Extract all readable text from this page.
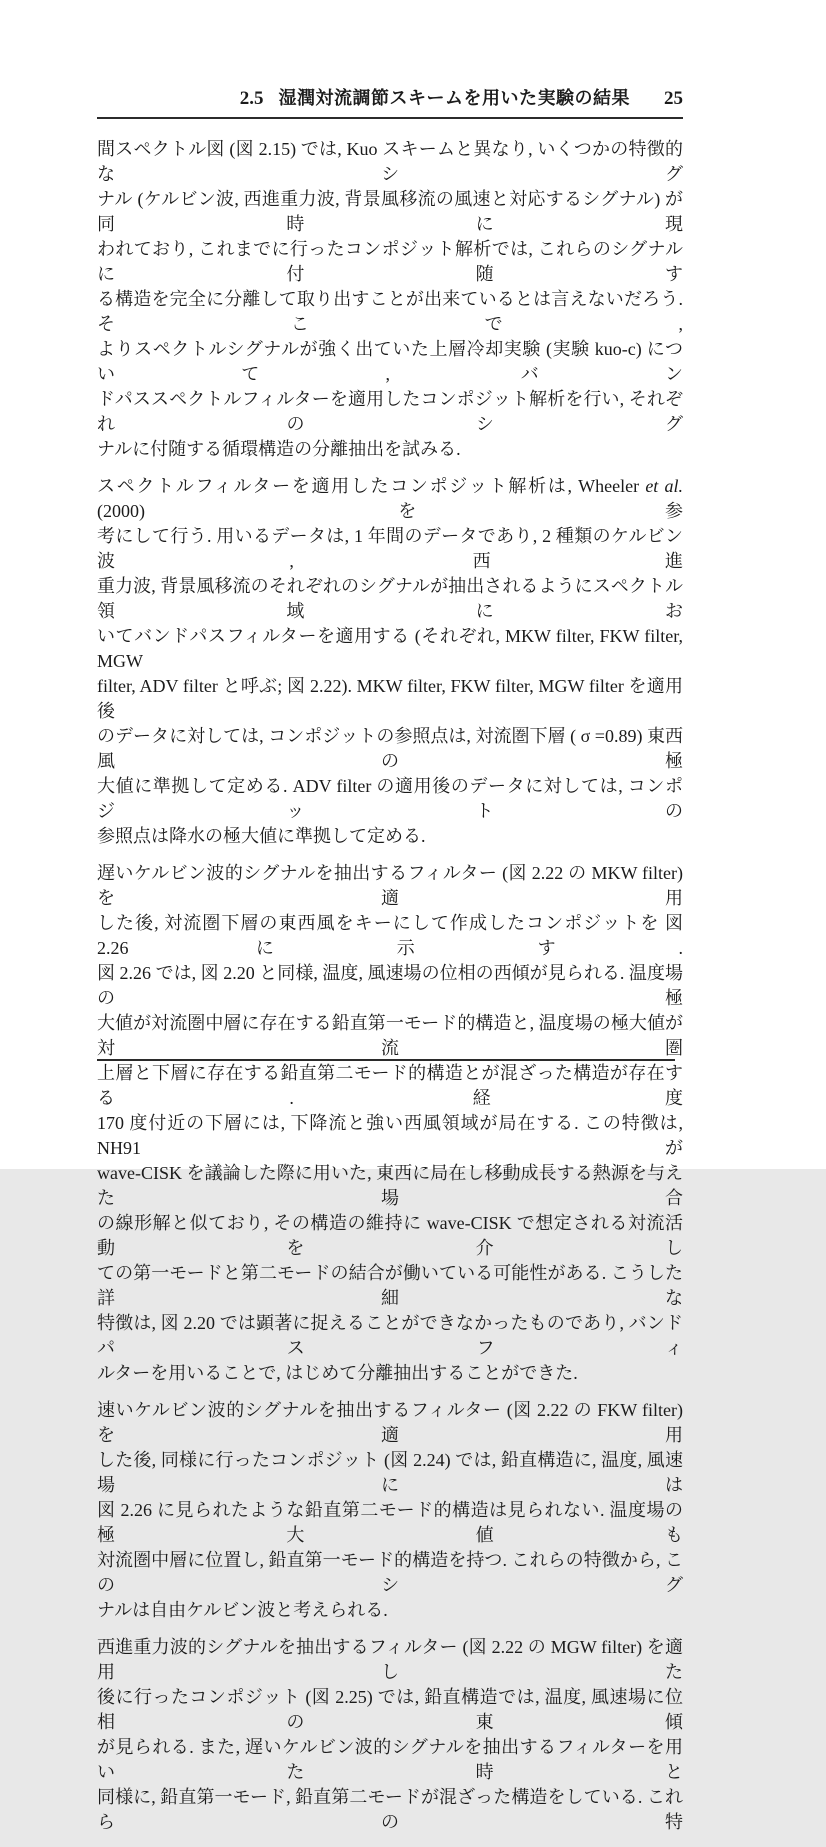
2.5 湿潤対流調節スキームを用いた実験の結果 25
間スペクトル図 (図 2.15) では, Kuo スキームと異なり, いくつかの特徴的なシグ
ナル (ケルビン波, 西進重力波, 背景風移流の風速と対応するシグナル) が同時に現
われており, これまでに行ったコンポジット解析では, これらのシグナルに付随す
る構造を完全に分離して取り出すことが出来ているとは言えないだろう. そこで,
よりスペクトルシグナルが強く出ていた上層冷却実験 (実験 kuo-c) について, バン
ドパススペクトルフィルターを適用したコンポジット解析を行い, それぞれのシグ
ナルに付随する循環構造の分離抽出を試みる.
スペクトルフィルターを適用したコンポジット解析は, Wheeler et al. (2000) を参
考にして行う. 用いるデータは, 1 年間のデータであり, 2 種類のケルビン波, 西進
重力波, 背景風移流のそれぞれのシグナルが抽出されるようにスペクトル領域にお
いてバンドパスフィルターを適用する (それぞれ, MKW filter, FKW filter, MGW
filter, ADV filter と呼ぶ; 図 2.22). MKW filter, FKW filter, MGW filter を適用後
のデータに対しては, コンポジットの参照点は, 対流圏下層 ( σ =0.89) 東西風の極
大値に準拠して定める. ADV filter の適用後のデータに対しては, コンポジットの
参照点は降水の極大値に準拠して定める.
遅いケルビン波的シグナルを抽出するフィルター (図 2.22 の MKW filter) を適用
した後, 対流圏下層の東西風をキーにして作成したコンポジットを 図 2.26 に示す.
図 2.26 では, 図 2.20 と同様, 温度, 風速場の位相の西傾が見られる. 温度場の極
大値が対流圏中層に存在する鉛直第一モード的構造と, 温度場の極大値が対流圏
上層と下層に存在する鉛直第二モード的構造とが混ざった構造が存在する. 経度
170 度付近の下層には, 下降流と強い西風領域が局在する. この特徴は, NH91 が
wave-CISK を議論した際に用いた, 東西に局在し移動成長する熱源を与えた場合
の線形解と似ており, その構造の維持に wave-CISK で想定される対流活動を介し
ての第一モードと第二モードの結合が働いている可能性がある. こうした詳細な
特徴は, 図 2.20 では顕著に捉えることができなかったものであり, バンドパスフィ
ルターを用いることで, はじめて分離抽出することができた.
速いケルビン波的シグナルを抽出するフィルター (図 2.22 の FKW filter) を適用
した後, 同様に行ったコンポジット (図 2.24) では, 鉛直構造に, 温度, 風速場には
図 2.26 に見られたような鉛直第二モード的構造は見られない. 温度場の極大値も
対流圏中層に位置し, 鉛直第一モード的構造を持つ. これらの特徴から, このシグ
ナルは自由ケルビン波と考えられる.
西進重力波的シグナルを抽出するフィルター (図 2.22 の MGW filter) を適用した
後に行ったコンポジット (図 2.25) では, 鉛直構造では, 温度, 風速場に位相の東傾
が見られる. また, 遅いケルビン波的シグナルを抽出するフィルターを用いた時と
同様に, 鉛直第一モード, 鉛直第二モードが混ざった構造をしている. これらの特
